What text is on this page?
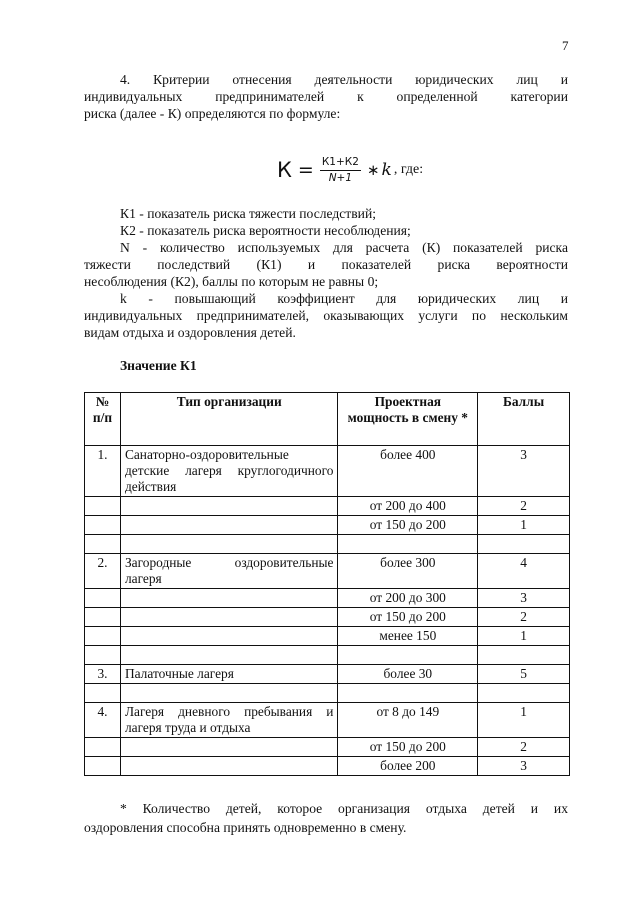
7
4. Критерии отнесения деятельности юридических лиц и
индивидуальных предпринимателей к определенной категории
риска (далее - К) определяются по формуле:
$К = \frac{К1+К2}{N+1}$ ∗ k , где:
К1 - показатель риска тяжести последствий;
К2 - показатель риска вероятности несоблюдения;
N - количество используемых для расчета (К) показателей риска
тяжести последствий (К1) и показателей риска вероятности
несоблюдения (К2), баллы по которым не равны 0;
k - повышающий коэффициент для юридических лиц и
индивидуальных предпринимателей, оказывающих услуги по нескольким
видам отдыха и оздоровления детей.
Значение К1
№ п/п	Тип организации	Проектная мощность в смену *	Баллы
1.	Санаторно-оздоровительные детские лагеря круглогодичного действия	более 400	3
		от 200 до 400	2
		от 150 до 200	1

2.	Загородные оздоровительные лагеря	более 300	4
		от 200 до 300	3
		от 150 до 200	2
		менее 150	1

3.	Палаточные лагеря	более 30	5

4.	Лагеря дневного пребывания и лагеря труда и отдыха	от 8 до 149	1
		от 150 до 200	2
		более 200	3
* Количество детей, которое организация отдыха детей и их
оздоровления способна принять одновременно в смену.
